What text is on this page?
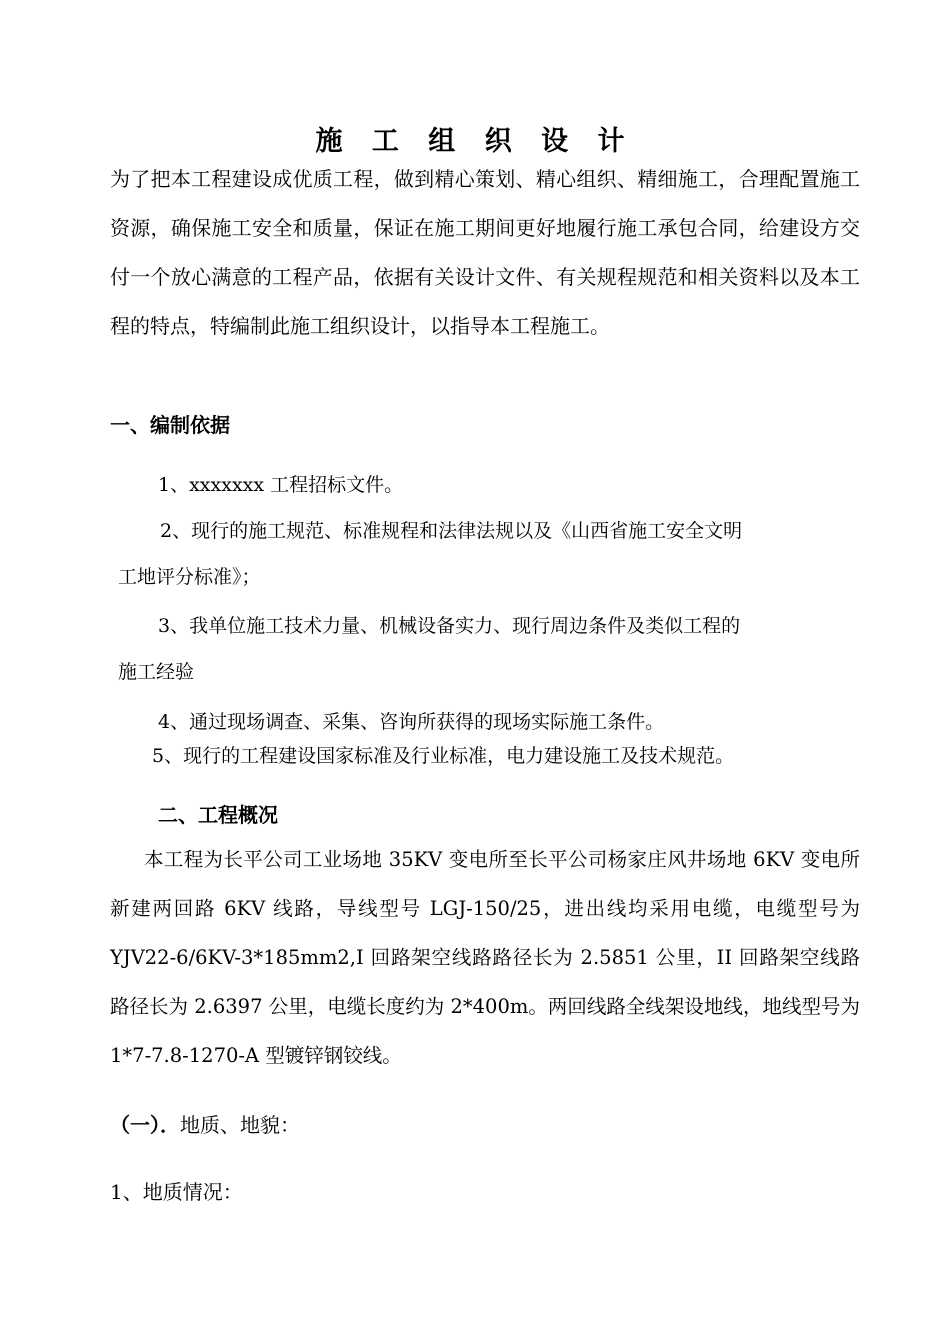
施 工 组 织 设 计

为了把本工程建设成优质工程，做到精心策划、精心组织、精细施工，合理配置施工资源，确保施工安全和质量，保证在施工期间更好地履行施工承包合同，给建设方交付一个放心满意的工程产品，依据有关设计文件、有关规程规范和相关资料以及本工程的特点，特编制此施工组织设计，以指导本工程施工。

一、编制依据

1、xxxxxxx 工程招标文件。

2、现行的施工规范、标准规程和法律法规以及《山西省施工安全文明
工地评分标准》；

3、我单位施工技术力量、机械设备实力、现行周边条件及类似工程的
施工经验

4、通过现场调查、采集、咨询所获得的现场实际施工条件。

5、现行的工程建设国家标准及行业标准，电力建设施工及技术规范。

二、工程概况

本工程为长平公司工业场地 35KV 变电所至长平公司杨家庄风井场地 6KV 变电所新建两回路 6KV 线路，导线型号 LGJ-150/25，进出线均采用电缆，电缆型号为 YJV22-6/6KV-3*185mm2,I 回路架空线路路径长为 2.5851 公里，II 回路架空线路路径长为 2.6397 公里，电缆长度约为 2*400m。两回线路全线架设地线，地线型号为 1*7-7.8-1270-A 型镀锌钢铰线。

（一）．地质、地貌：

1、地质情况：
